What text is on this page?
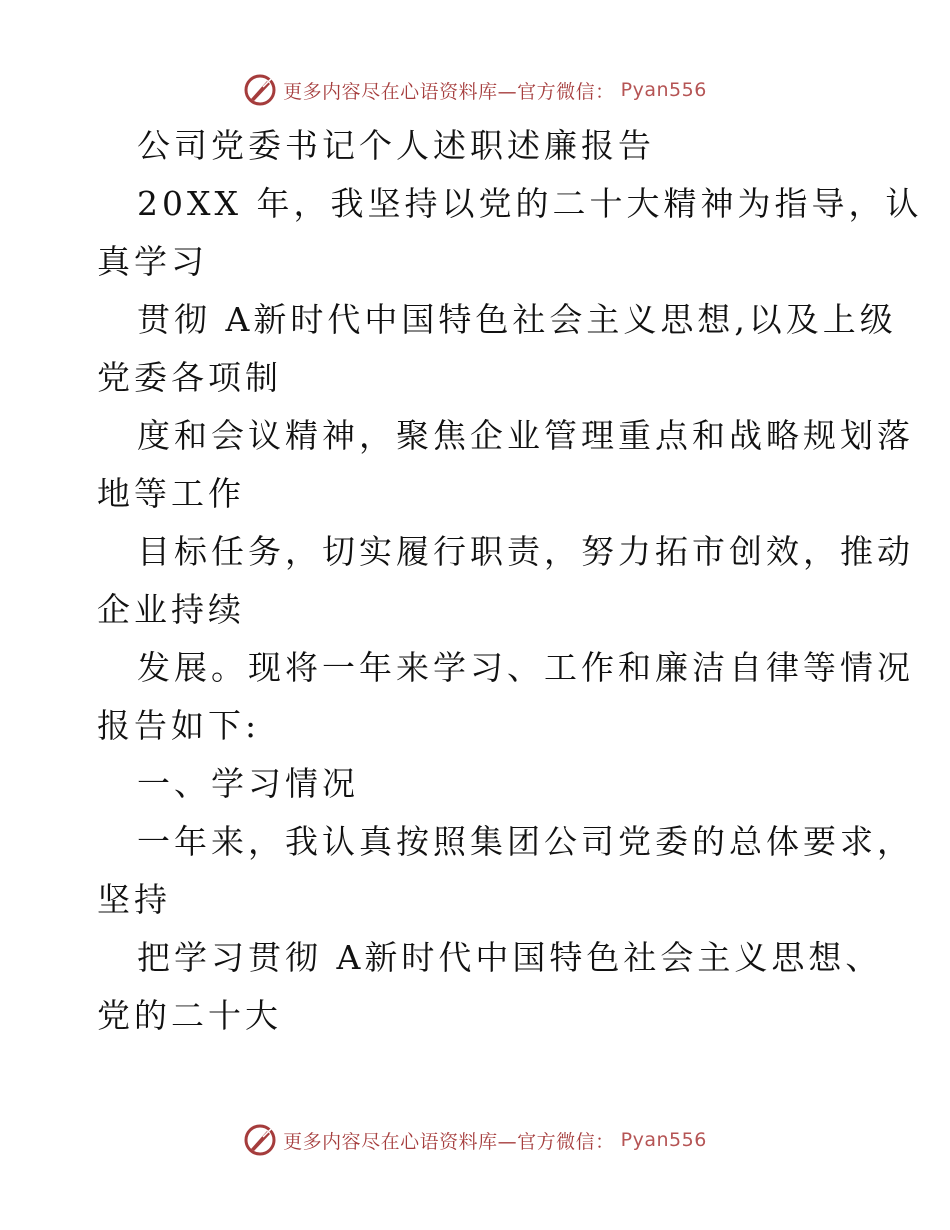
更多内容尽在心语资料库—官方微信： Pyan556
公司党委书记个人述职述廉报告
20XX 年，我坚持以党的二十大精神为指导，认
真学习
贯彻 A新时代中国特色社会主义思想,以及上级
党委各项制
度和会议精神，聚焦企业管理重点和战略规划落
地等工作
目标任务，切实履行职责，努力拓市创效，推动
企业持续
发展。现将一年来学习、工作和廉洁自律等情况
报告如下:
一、学习情况
一年来，我认真按照集团公司党委的总体要求，
坚持
把学习贯彻 A新时代中国特色社会主义思想、
党的二十大
更多内容尽在心语资料库—官方微信： Pyan556
